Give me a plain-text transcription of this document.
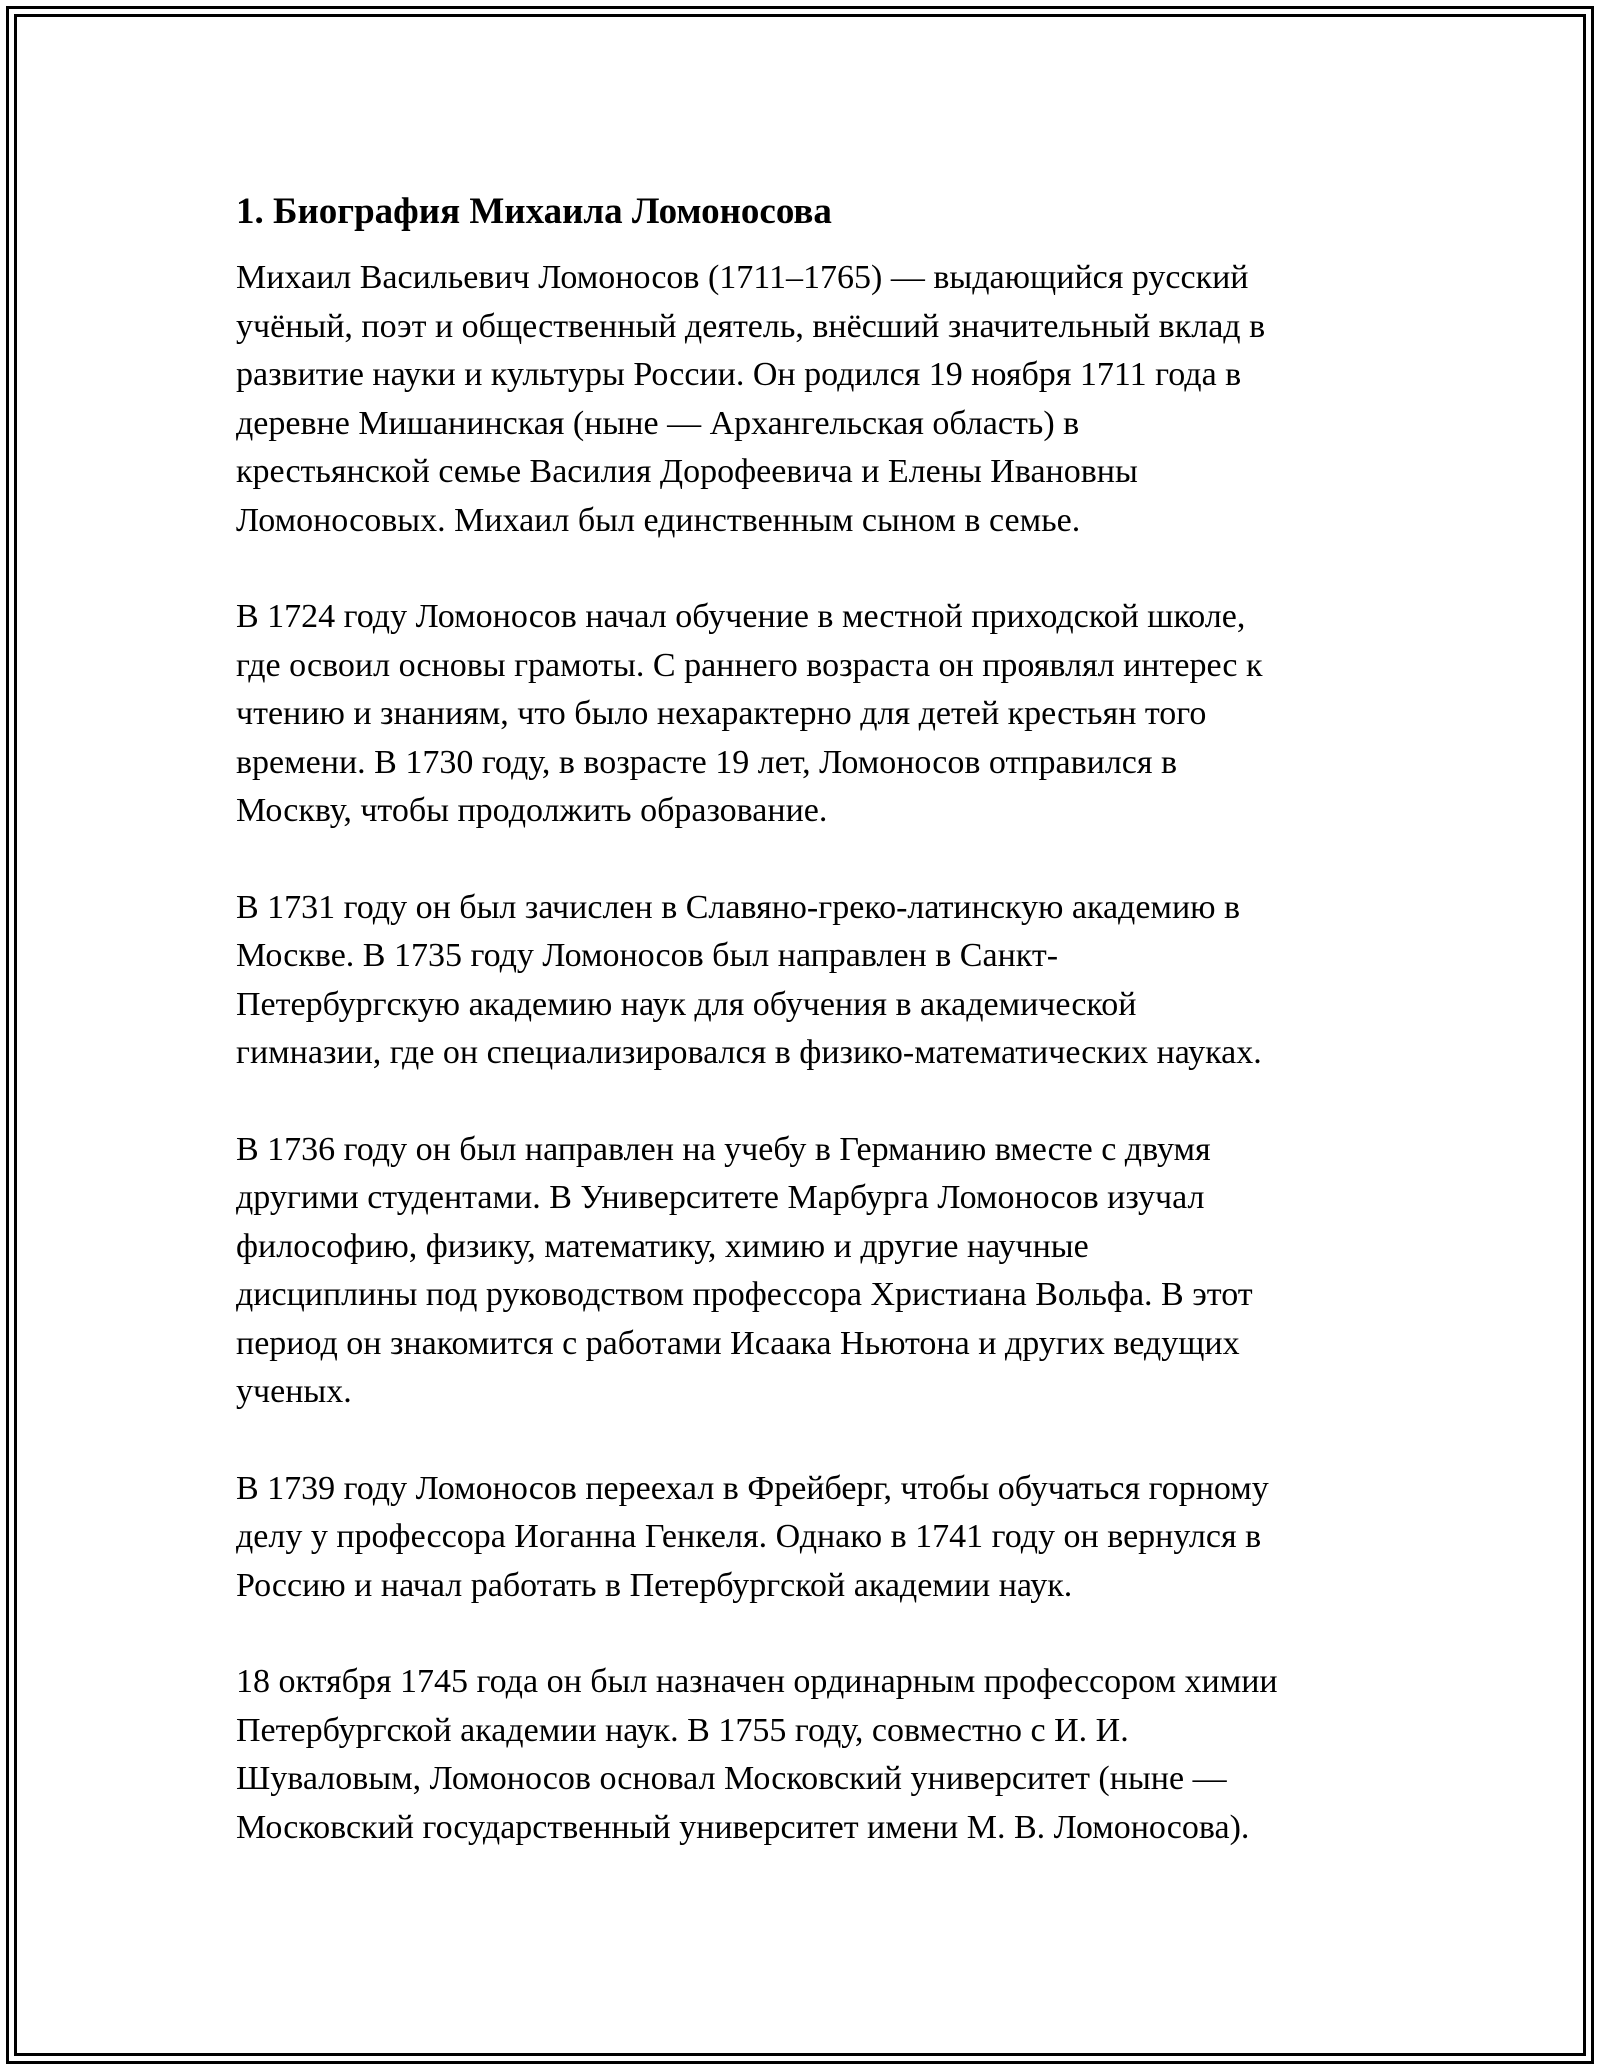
1. Биография Михаила Ломоносова

Михаил Васильевич Ломоносов (1711–1765) — выдающийся русский
учёный, поэт и общественный деятель, внёсший значительный вклад в
развитие науки и культуры России. Он родился 19 ноября 1711 года в
деревне Мишанинская (ныне — Архангельская область) в
крестьянской семье Василия Дорофеевича и Елены Ивановны
Ломоносовых. Михаил был единственным сыном в семье.

В 1724 году Ломоносов начал обучение в местной приходской школе,
где освоил основы грамоты. С раннего возраста он проявлял интерес к
чтению и знаниям, что было нехарактерно для детей крестьян того
времени. В 1730 году, в возрасте 19 лет, Ломоносов отправился в
Москву, чтобы продолжить образование.

В 1731 году он был зачислен в Славяно-греко-латинскую академию в
Москве. В 1735 году Ломоносов был направлен в Санкт-
Петербургскую академию наук для обучения в академической
гимназии, где он специализировался в физико-математических науках.

В 1736 году он был направлен на учебу в Германию вместе с двумя
другими студентами. В Университете Марбурга Ломоносов изучал
философию, физику, математику, химию и другие научные
дисциплины под руководством профессора Христиана Вольфа. В этот
период он знакомится с работами Исаака Ньютона и других ведущих
ученых.

В 1739 году Ломоносов переехал в Фрейберг, чтобы обучаться горному
делу у профессора Иоганна Генкеля. Однако в 1741 году он вернулся в
Россию и начал работать в Петербургской академии наук.

18 октября 1745 года он был назначен ординарным профессором химии
Петербургской академии наук. В 1755 году, совместно с И. И.
Шуваловым, Ломоносов основал Московский университет (ныне —
Московский государственный университет имени М. В. Ломоносова).
